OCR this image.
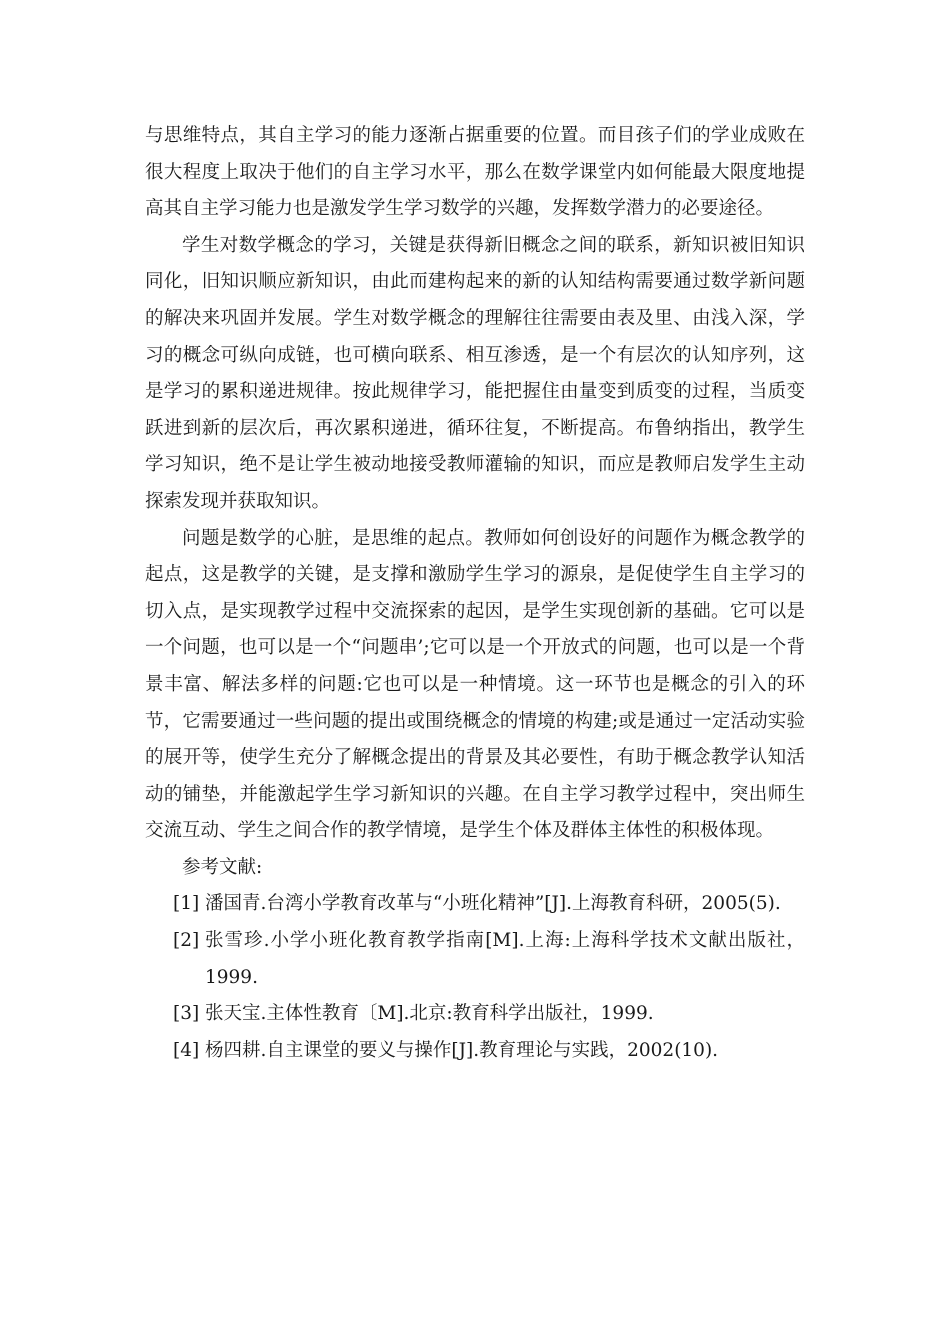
与思维特点，其自主学习的能力逐渐占据重要的位置。而目孩子们的学业成败在很大程度上取决于他们的自主学习水平，那么在数学课堂内如何能最大限度地提高其自主学习能力也是激发学生学习数学的兴趣，发挥数学潜力的必要途径。

学生对数学概念的学习，关键是获得新旧概念之间的联系，新知识被旧知识同化，旧知识顺应新知识，由此而建构起来的新的认知结构需要通过数学新问题的解决来巩固并发展。学生对数学概念的理解往往需要由表及里、由浅入深，学习的概念可纵向成链，也可横向联系、相互渗透，是一个有层次的认知序列，这是学习的累积递进规律。按此规律学习，能把握住由量变到质变的过程，当质变跃进到新的层次后，再次累积递进，循环往复，不断提高。布鲁纳指出，教学生学习知识，绝不是让学生被动地接受教师灌输的知识，而应是教师启发学生主动探索发现并获取知识。

问题是数学的心脏，是思维的起点。教师如何创设好的问题作为概念教学的起点，这是教学的关键，是支撑和激励学生学习的源泉，是促使学生自主学习的切入点，是实现教学过程中交流探索的起因，是学生实现创新的基础。它可以是一个问题，也可以是一个“问题串’;它可以是一个开放式的问题，也可以是一个背景丰富、解法多样的问题:它也可以是一种情境。这一环节也是概念的引入的环节，它需要通过一些问题的提出或围绕概念的情境的构建;或是通过一定活动实验的展开等，使学生充分了解概念提出的背景及其必要性，有助于概念教学认知活动的铺垫，并能激起学生学习新知识的兴趣。在自主学习教学过程中，突出师生交流互动、学生之间合作的教学情境，是学生个体及群体主体性的积极体现。

参考文献:

[1] 潘国青.台湾小学教育改革与“小班化精神”[J].上海教育科研，2005(5).
[2] 张雪珍.小学小班化教育教学指南[M].上海:上海科学技术文献出版社，1999.
[3] 张天宝.主体性教育〔M].北京:教育科学出版社，1999.
[4] 杨四耕.自主课堂的要义与操作[J].教育理论与实践，2002(10).
